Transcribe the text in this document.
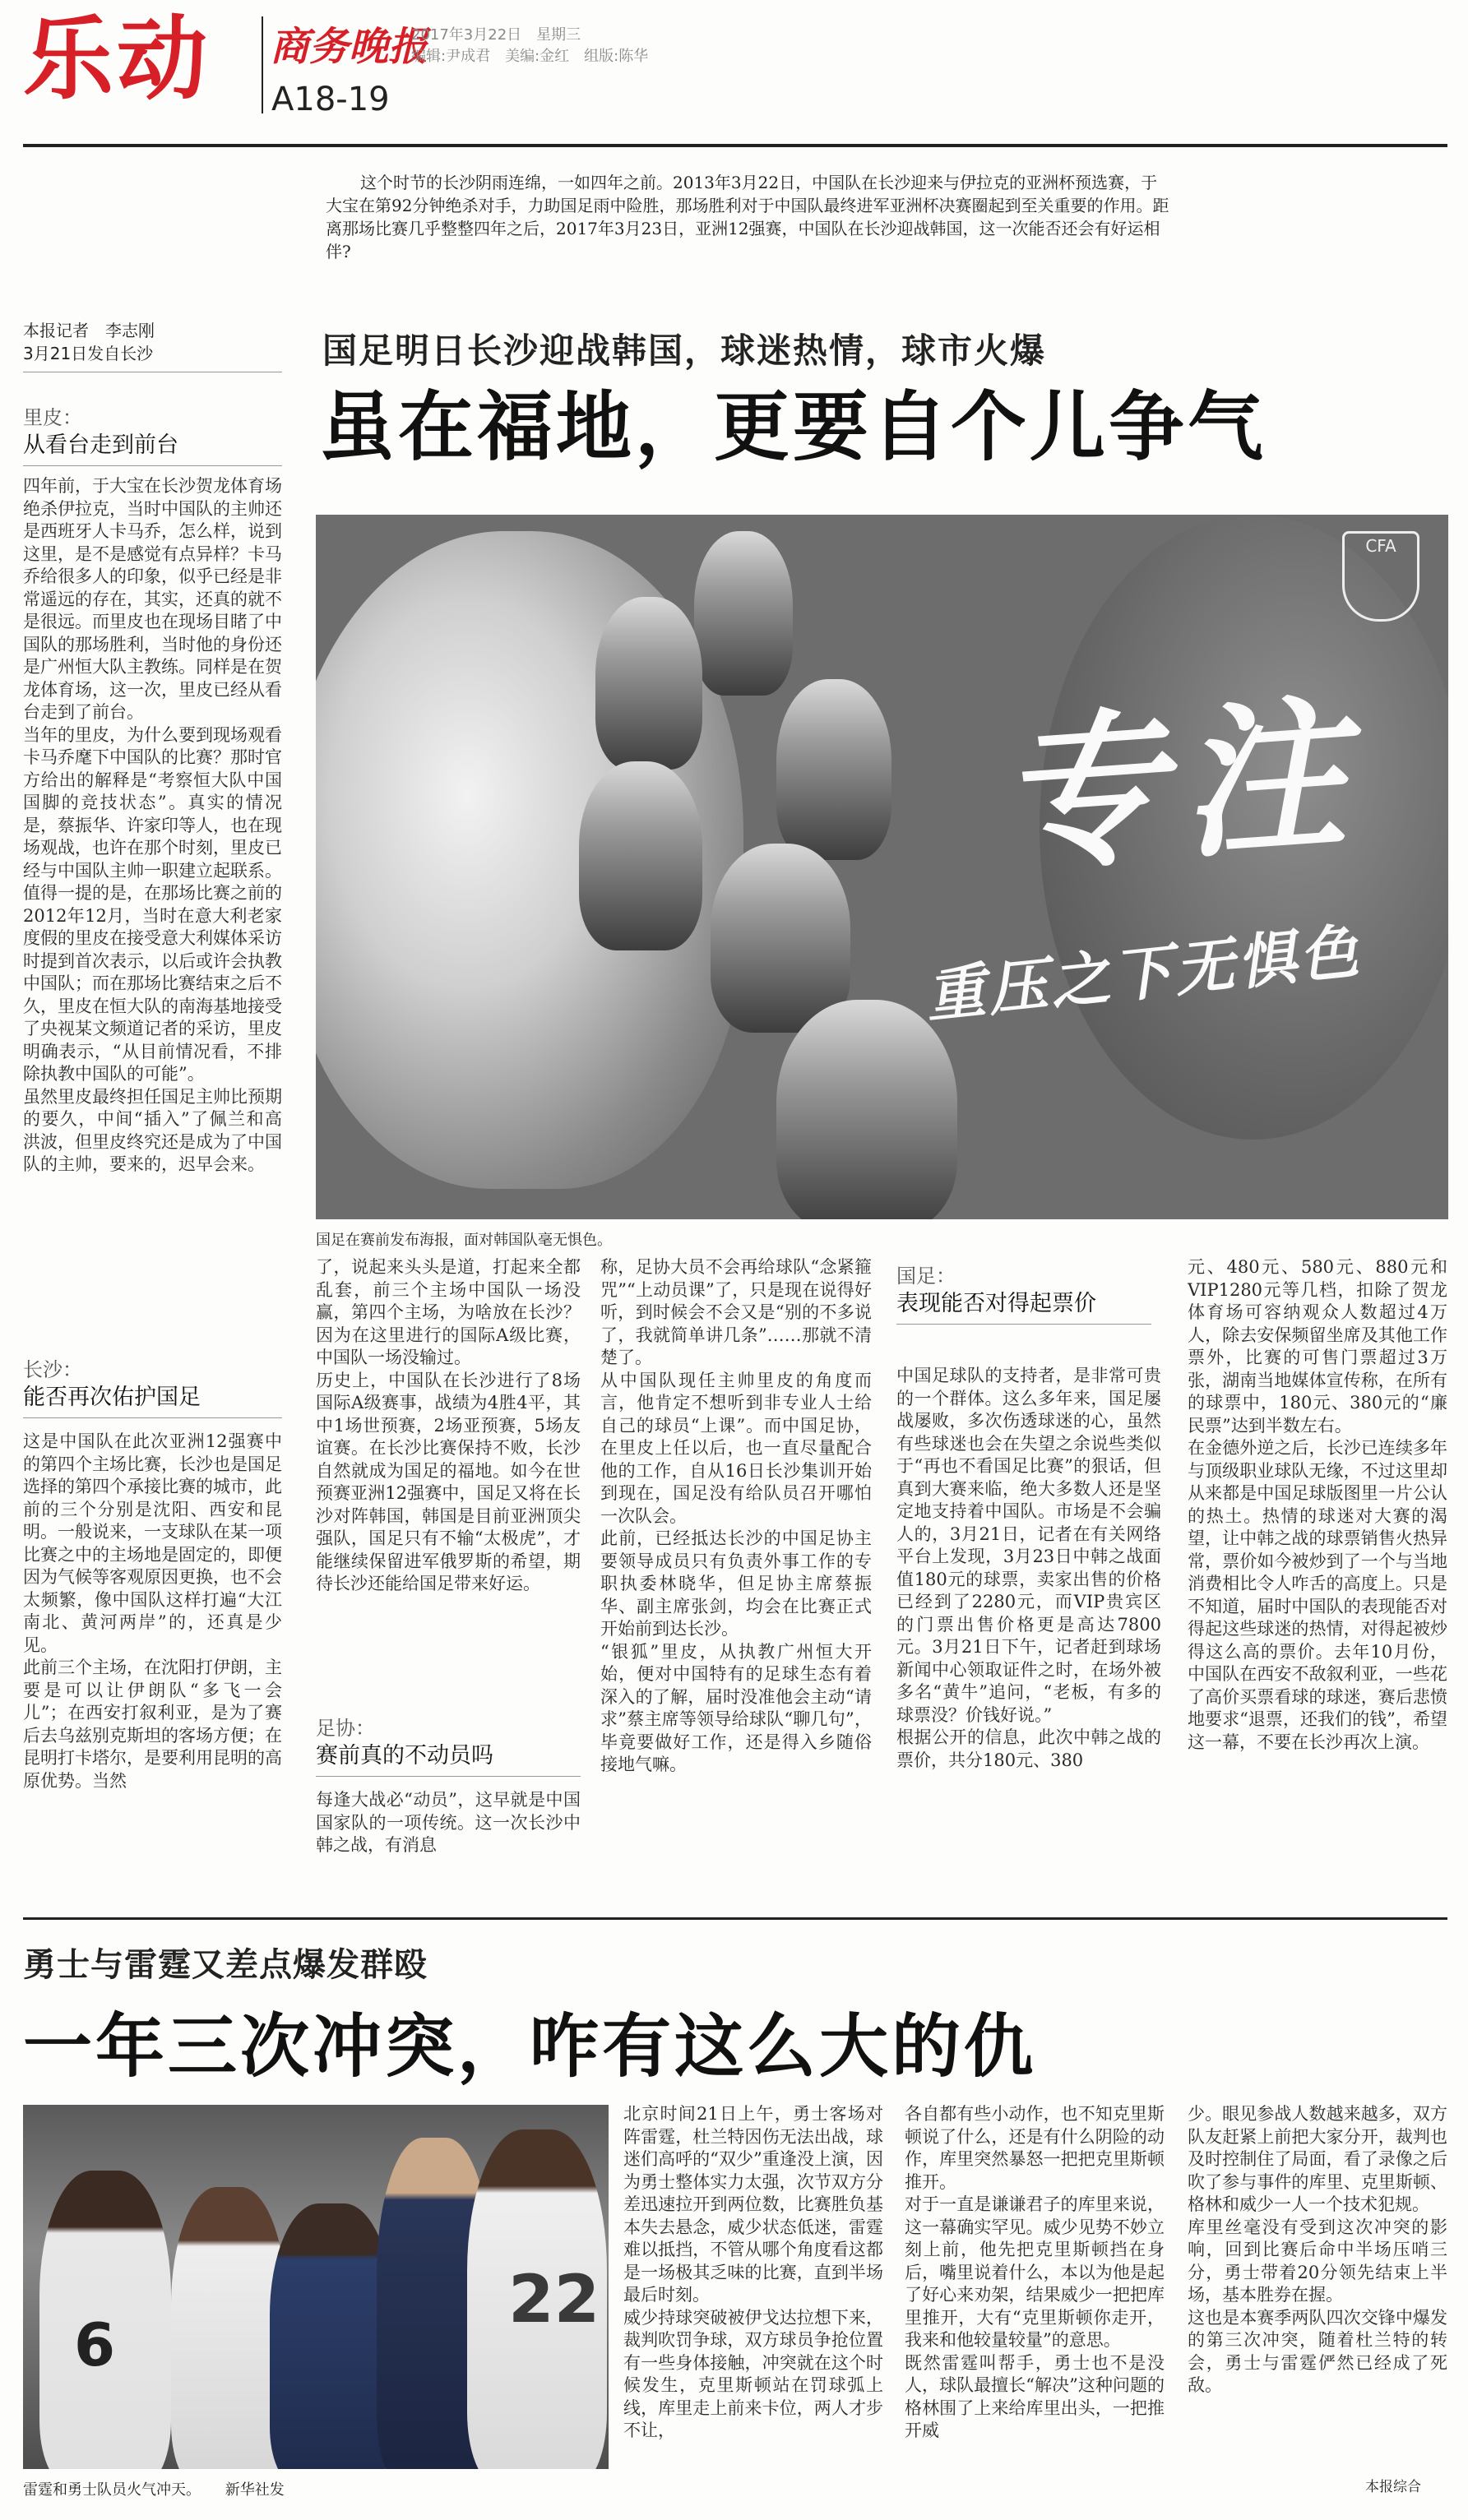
乐动 商务晚报
A18-19
2017年3月22日　星期三
编辑:尹成君　美编:金红　组版:陈华
这个时节的长沙阴雨连绵，一如四年之前。2013年3月22日，中国队在长沙迎来与伊拉克的亚洲杯预选赛，于大宝在第92分钟绝杀对手，力助国足雨中险胜，那场胜利对于中国队最终进军亚洲杯决赛圈起到至关重要的作用。距离那场比赛几乎整整四年之后，2017年3月23日，亚洲12强赛，中国队在长沙迎战韩国，这一次能否还会有好运相伴?
本报记者　李志刚
3月21日发自长沙	国足明日长沙迎战韩国，球迷热情，球市火爆
虽在福地，更要自个儿争气
里皮：
从看台走到前台
四年前，于大宝在长沙贺龙体育场绝杀伊拉克，当时中国队的主帅还是西班牙人卡马乔，怎么样，说到这里，是不是感觉有点异样？卡马乔给很多人的印象，似乎已经是非常遥远的存在，其实，还真的就不是很远。而里皮也在现场目睹了中国队的那场胜利，当时他的身份还是广州恒大队主教练。同样是在贺龙体育场，这一次，里皮已经从看台走到了前台。
当年的里皮，为什么要到现场观看卡马乔麾下中国队的比赛？那时官方给出的解释是“考察恒大队中国国脚的竞技状态”。真实的情况是，蔡振华、许家印等人，也在现场观战，也许在那个时刻，里皮已经与中国队主帅一职建立起联系。值得一提的是，在那场比赛之前的2012年12月，当时在意大利老家度假的里皮在接受意大利媒体采访时提到首次表示，以后或许会执教中国队；而在那场比赛结束之后不久，里皮在恒大队的南海基地接受了央视某文频道记者的采访，里皮明确表示，“从目前情况看，不排除执教中国队的可能”。
虽然里皮最终担任国足主帅比预期的要久，中间“插入”了佩兰和高洪波，但里皮终究还是成为了中国队的主帅，要来的，迟早会来。
长沙：
能否再次佑护国足
这是中国队在此次亚洲12强赛中的第四个主场比赛，长沙也是国足选择的第四个承接比赛的城市，此前的三个分别是沈阳、西安和昆明。一般说来，一支球队在某一项比赛之中的主场地是固定的，即便因为气候等客观原因更换，也不会太频繁，像中国队这样打遍“大江南北、黄河两岸”的，还真是少见。
此前三个主场，在沈阳打伊朗，主要是可以让伊朗队“多飞一会儿”；在西安打叙利亚，是为了赛后去乌兹别克斯坦的客场方便；在昆明打卡塔尔，是要利用昆明的高原优势。当然
专注
重压之下无惧色
CFA
国足在赛前发布海报，面对韩国队毫无惧色。
了，说起来头头是道，打起来全都乱套，前三个主场中国队一场没赢，第四个主场，为啥放在长沙？因为在这里进行的国际A级比赛，中国队一场没输过。
历史上，中国队在长沙进行了8场国际A级赛事，战绩为4胜4平，其中1场世预赛，2场亚预赛，5场友谊赛。在长沙比赛保持不败，长沙自然就成为国足的福地。如今在世预赛亚洲12强赛中，国足又将在长沙对阵韩国，韩国是目前亚洲顶尖强队，国足只有不输“太极虎”，才能继续保留进军俄罗斯的希望，期待长沙还能给国足带来好运。
足协：
赛前真的不动员吗
每逢大战必“动员”，这早就是中国国家队的一项传统。这一次长沙中韩之战，有消息
称，足协大员不会再给球队“念紧箍咒”“上动员课”了，只是现在说得好听，到时候会不会又是“别的不多说了，我就简单讲几条”……那就不清楚了。
从中国队现任主帅里皮的角度而言，他肯定不想听到非专业人士给自己的球员“上课”。而中国足协，在里皮上任以后，也一直尽量配合他的工作，自从16日长沙集训开始到现在，国足没有给队员召开哪怕一次队会。
此前，已经抵达长沙的中国足协主要领导成员只有负责外事工作的专职执委林晓华，但足协主席蔡振华、副主席张剑，均会在比赛正式开始前到达长沙。
“银狐”里皮，从执教广州恒大开始，便对中国特有的足球生态有着深入的了解，届时没准他会主动“请求”蔡主席等领导给球队“聊几句”，毕竟要做好工作，还是得入乡随俗接地气嘛。
国足：
表现能否对得起票价
中国足球队的支持者，是非常可贵的一个群体。这么多年来，国足屡战屡败，多次伤透球迷的心，虽然有些球迷也会在失望之余说些类似于“再也不看国足比赛”的狠话，但真到大赛来临，绝大多数人还是坚定地支持着中国队。市场是不会骗人的，3月21日，记者在有关网络平台上发现，3月23日中韩之战面值180元的球票，卖家出售的价格已经到了2280元，而VIP贵宾区的门票出售价格更是高达7800元。3月21日下午，记者赶到球场新闻中心领取证件之时，在场外被多名“黄牛”追问，“老板，有多的球票没？价钱好说。”
根据公开的信息，此次中韩之战的票价，共分180元、380
元、480元、580元、880元和VIP1280元等几档，扣除了贺龙体育场可容纳观众人数超过4万人，除去安保频留坐席及其他工作票外，比赛的可售门票超过3万张，湖南当地媒体宣传称，在所有的球票中，180元、380元的“廉民票”达到半数左右。
在金德外逆之后，长沙已连续多年与顶级职业球队无缘，不过这里却从来都是中国足球版图里一片公认的热土。热情的球迷对大赛的渴望，让中韩之战的球票销售火热异常，票价如今被炒到了一个与当地消费相比令人咋舌的高度上。只是不知道，届时中国队的表现能否对得起这些球迷的热情，对得起被炒得这么高的票价。去年10月份，中国队在西安不敌叙利亚，一些花了高价买票看球的球迷，赛后悲愤地要求“退票，还我们的钱”，希望这一幕，不要在长沙再次上演。
勇士与雷霆又差点爆发群殴
一年三次冲突，咋有这么大的仇
6
22
雷霆和勇士队员火气冲天。 新华社发
北京时间21日上午，勇士客场对阵雷霆，杜兰特因伤无法出战，球迷们高呼的“双少”重逢没上演，因为勇士整体实力太强，次节双方分差迅速拉开到两位数，比赛胜负基本失去悬念，威少状态低迷，雷霆难以抵挡，不管从哪个角度看这都是一场极其乏味的比赛，直到半场最后时刻。
威少持球突破被伊戈达拉想下来，裁判吹罚争球，双方球员争抢位置有一些身体接触，冲突就在这个时候发生，克里斯顿站在罚球弧上线，库里走上前来卡位，两人才步不让，
各自都有些小动作，也不知克里斯顿说了什么，还是有什么阴险的动作，库里突然暴怒一把把克里斯顿推开。
对于一直是谦谦君子的库里来说，这一幕确实罕见。威少见势不妙立刻上前，他先把克里斯顿挡在身后，嘴里说着什么，本以为他是起了好心来劝架，结果威少一把把库里推开，大有“克里斯顿你走开，我来和他较量较量”的意思。
既然雷霆叫帮手，勇士也不是没人，球队最擅长“解决”这种问题的格林围了上来给库里出头，一把推开威
少。眼见参战人数越来越多，双方队友赶紧上前把大家分开，裁判也及时控制住了局面，看了录像之后吹了参与事件的库里、克里斯顿、格林和威少一人一个技术犯规。
库里丝毫没有受到这次冲突的影响，回到比赛后命中半场压哨三分，勇士带着20分领先结束上半场，基本胜券在握。
这也是本赛季两队四次交锋中爆发的第三次冲突，随着杜兰特的转会，勇士与雷霆俨然已经成了死敌。
本报综合
